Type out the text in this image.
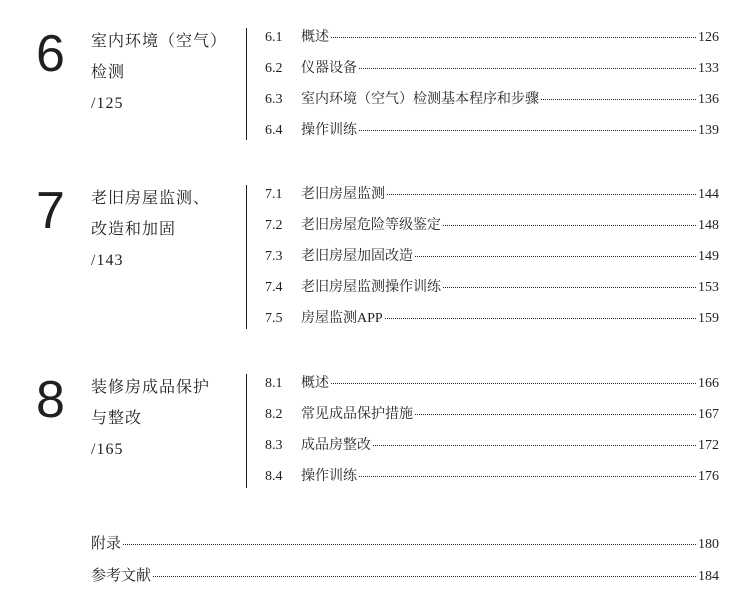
6 室内环境（空气）
检测
/125
6.1	概述	126
6.2	仪器设备	133
6.3	室内环境（空气）检测基本程序和步骤	136
6.4	操作训练	139
7 老旧房屋监测、
改造和加固
/143
7.1	老旧房屋监测	144
7.2	老旧房屋危险等级鉴定	148
7.3	老旧房屋加固改造	149
7.4	老旧房屋监测操作训练	153
7.5	房屋监测APP	159
8 装修房成品保护
与整改
/165
8.1	概述	166
8.2	常见成品保护措施	167
8.3	成品房整改	172
8.4	操作训练	176
附录	180
参考文献	184
